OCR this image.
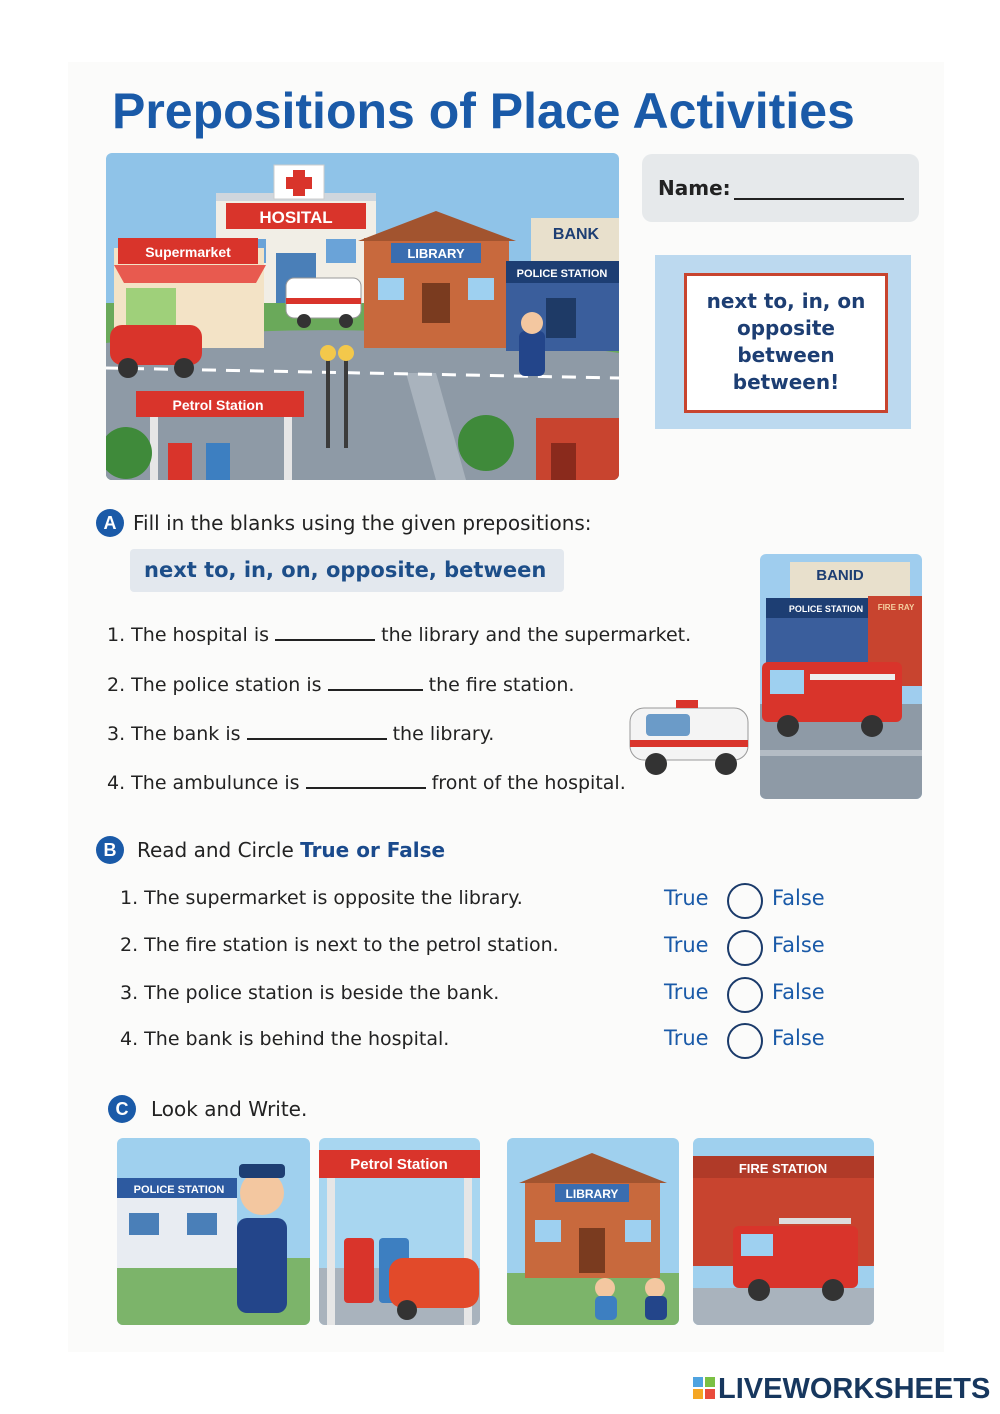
Prepositions of Place Activities
HOSITAL
Supermarket	LIBRARY
BANK
POLICE STATION
Petrol Station
Name:
next to, in, on
opposite
between
between!
A Fill in the blanks using the given prepositions:
next to, in, on, opposite, between
1. The hospital is	the library and the supermarket.
2. The police station is	the fire station.
3. The bank is	the library.
4. The ambulunce is	front of the hospital.
BANID
POLICE STATION FIRE RAY
B	Read and Circle True or False
1. The supermarket is opposite the library.	True	False
2. The fire station is next to the petrol station.	True	False
3. The police station is beside the bank.	True	False
4. The bank is behind the hospital.	True	False
C	Look and Write.
POLICE STATION
Petrol Station
LIBRARY
FIRE STATION
LIVEWORKSHEETS
